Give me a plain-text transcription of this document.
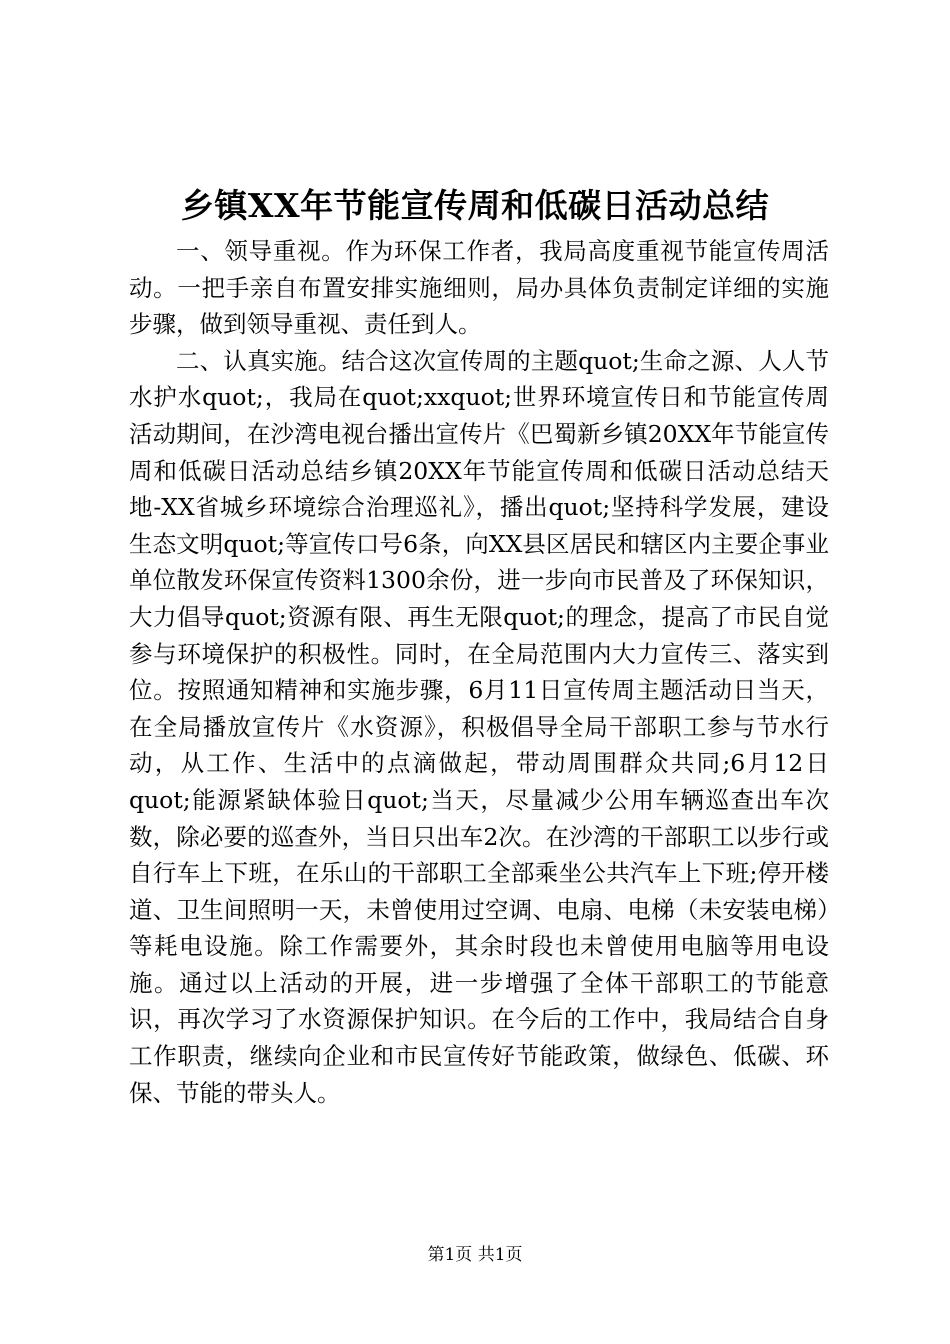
乡镇XX年节能宣传周和低碳日活动总结

一、领导重视。作为环保工作者，我局高度重视节能宣传周活动。一把手亲自布置安排实施细则，局办具体负责制定详细的实施步骤，做到领导重视、责任到人。

二、认真实施。结合这次宣传周的主题quot;生命之源、人人节水护水quot;，我局在quot;xxquot;世界环境宣传日和节能宣传周活动期间，在沙湾电视台播出宣传片《巴蜀新乡镇20XX年节能宣传周和低碳日活动总结乡镇20XX年节能宣传周和低碳日活动总结天地-XX省城乡环境综合治理巡礼》，播出quot;坚持科学发展，建设生态文明quot;等宣传口号6条，向XX县区居民和辖区内主要企事业单位散发环保宣传资料1300余份，进一步向市民普及了环保知识，大力倡导quot;资源有限、再生无限quot;的理念，提高了市民自觉参与环境保护的积极性。同时，在全局范围内大力宣传三、落实到位。按照通知精神和实施步骤，6月11日宣传周主题活动日当天，在全局播放宣传片《水资源》，积极倡导全局干部职工参与节水行动，从工作、生活中的点滴做起，带动周围群众共同;6月12日quot;能源紧缺体验日quot;当天，尽量减少公用车辆巡查出车次数，除必要的巡查外，当日只出车2次。在沙湾的干部职工以步行或自行车上下班，在乐山的干部职工全部乘坐公共汽车上下班;停开楼道、卫生间照明一天，未曾使用过空调、电扇、电梯（未安装电梯）等耗电设施。除工作需要外，其余时段也未曾使用电脑等用电设施。通过以上活动的开展，进一步增强了全体干部职工的节能意识，再次学习了水资源保护知识。在今后的工作中，我局结合自身工作职责，继续向企业和市民宣传好节能政策，做绿色、低碳、环保、节能的带头人。

第1页 共1页
